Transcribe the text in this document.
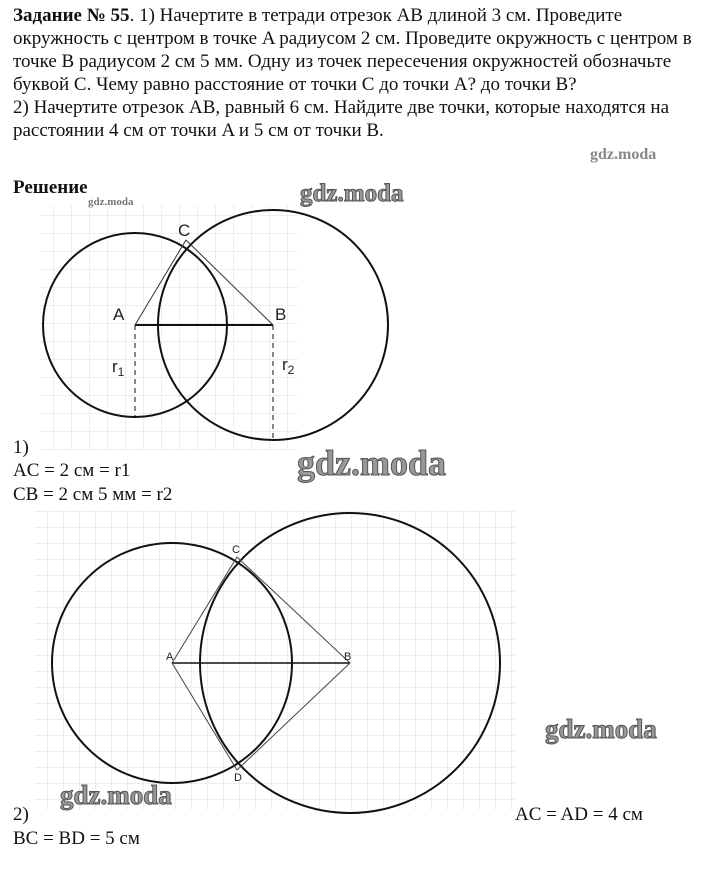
A	B
C
$r_1$	$r_2$
A	B
C
D
Задание № 55. 1) Начертите в тетради отрезок AB длиной 3 см. Проведите окружность с центром в точке A радиусом 2 см. Проведите окружность с центром в точке B радиусом 2 см 5 мм. Одну из точек пересечения окружностей обозначьте буквой C. Чему равно расстояние от точки C до точки A? до точки B?
2) Начертите отрезок AB, равный 6 см. Найдите две точки, которые находятся на расстоянии 4 см от точки A и 5 см от точки B.
Решение
1)
AC = 2 см = r1
CB = 2 см 5 мм = r2
2)	AC = AD = 4 см
BC = BD = 5 см
gdz.moda
gdz.moda
gdz.moda
gdz.moda
gdz.moda
gdz.moda
